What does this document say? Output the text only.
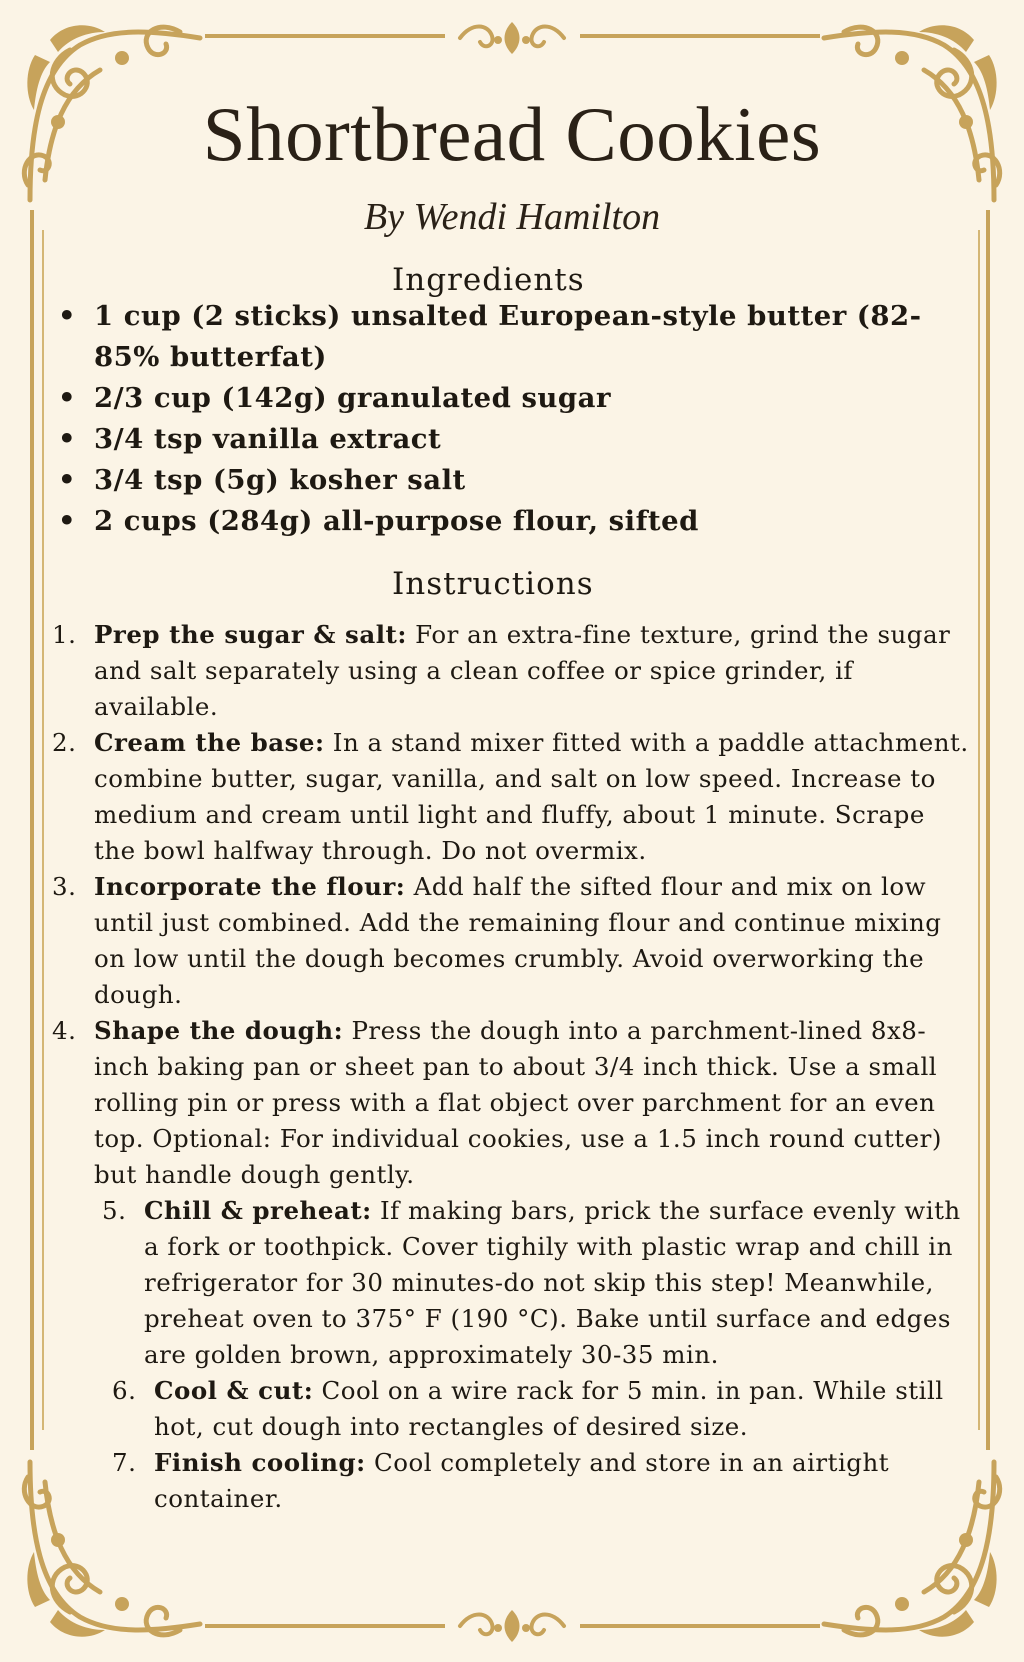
Shortbread Cookies
By Wendi Hamilton
Ingredients
• 1 cup (2 sticks) unsalted European-style butter (82-85% butterfat)
• 2/3 cup (142g) granulated sugar
• 3/4 tsp vanilla extract
• 3/4 tsp (5g) kosher salt
• 2 cups (284g) all-purpose flour, sifted
Instructions
1. Prep the sugar & salt: For an extra-fine texture, grind the sugar and salt separately using a clean coffee or spice grinder, if available.
2. Cream the base: In a stand mixer fitted with a paddle attachment. combine butter, sugar, vanilla, and salt on low speed. Increase to medium and cream until light and fluffy, about 1 minute. Scrape the bowl halfway through. Do not overmix.
3. Incorporate the flour: Add half the sifted flour and mix on low until just combined. Add the remaining flour and continue mixing on low until the dough becomes crumbly. Avoid overworking the dough.
4. Shape the dough: Press the dough into a parchment-lined 8x8-inch baking pan or sheet pan to about 3/4 inch thick. Use a small rolling pin or press with a flat object over parchment for an even top. Optional: For individual cookies, use a 1.5 inch round cutter) but handle dough gently.
5. Chill & preheat: If making bars, prick the surface evenly with a fork or toothpick. Cover tighily with plastic wrap and chill in refrigerator for 30 minutes-do not skip this step! Meanwhile, preheat oven to 375° F (190 °C). Bake until surface and edges are golden brown, approximately 30-35 min.
6. Cool & cut: Cool on a wire rack for 5 min. in pan. While still hot, cut dough into rectangles of desired size.
7. Finish cooling: Cool completely and store in an airtight container.
